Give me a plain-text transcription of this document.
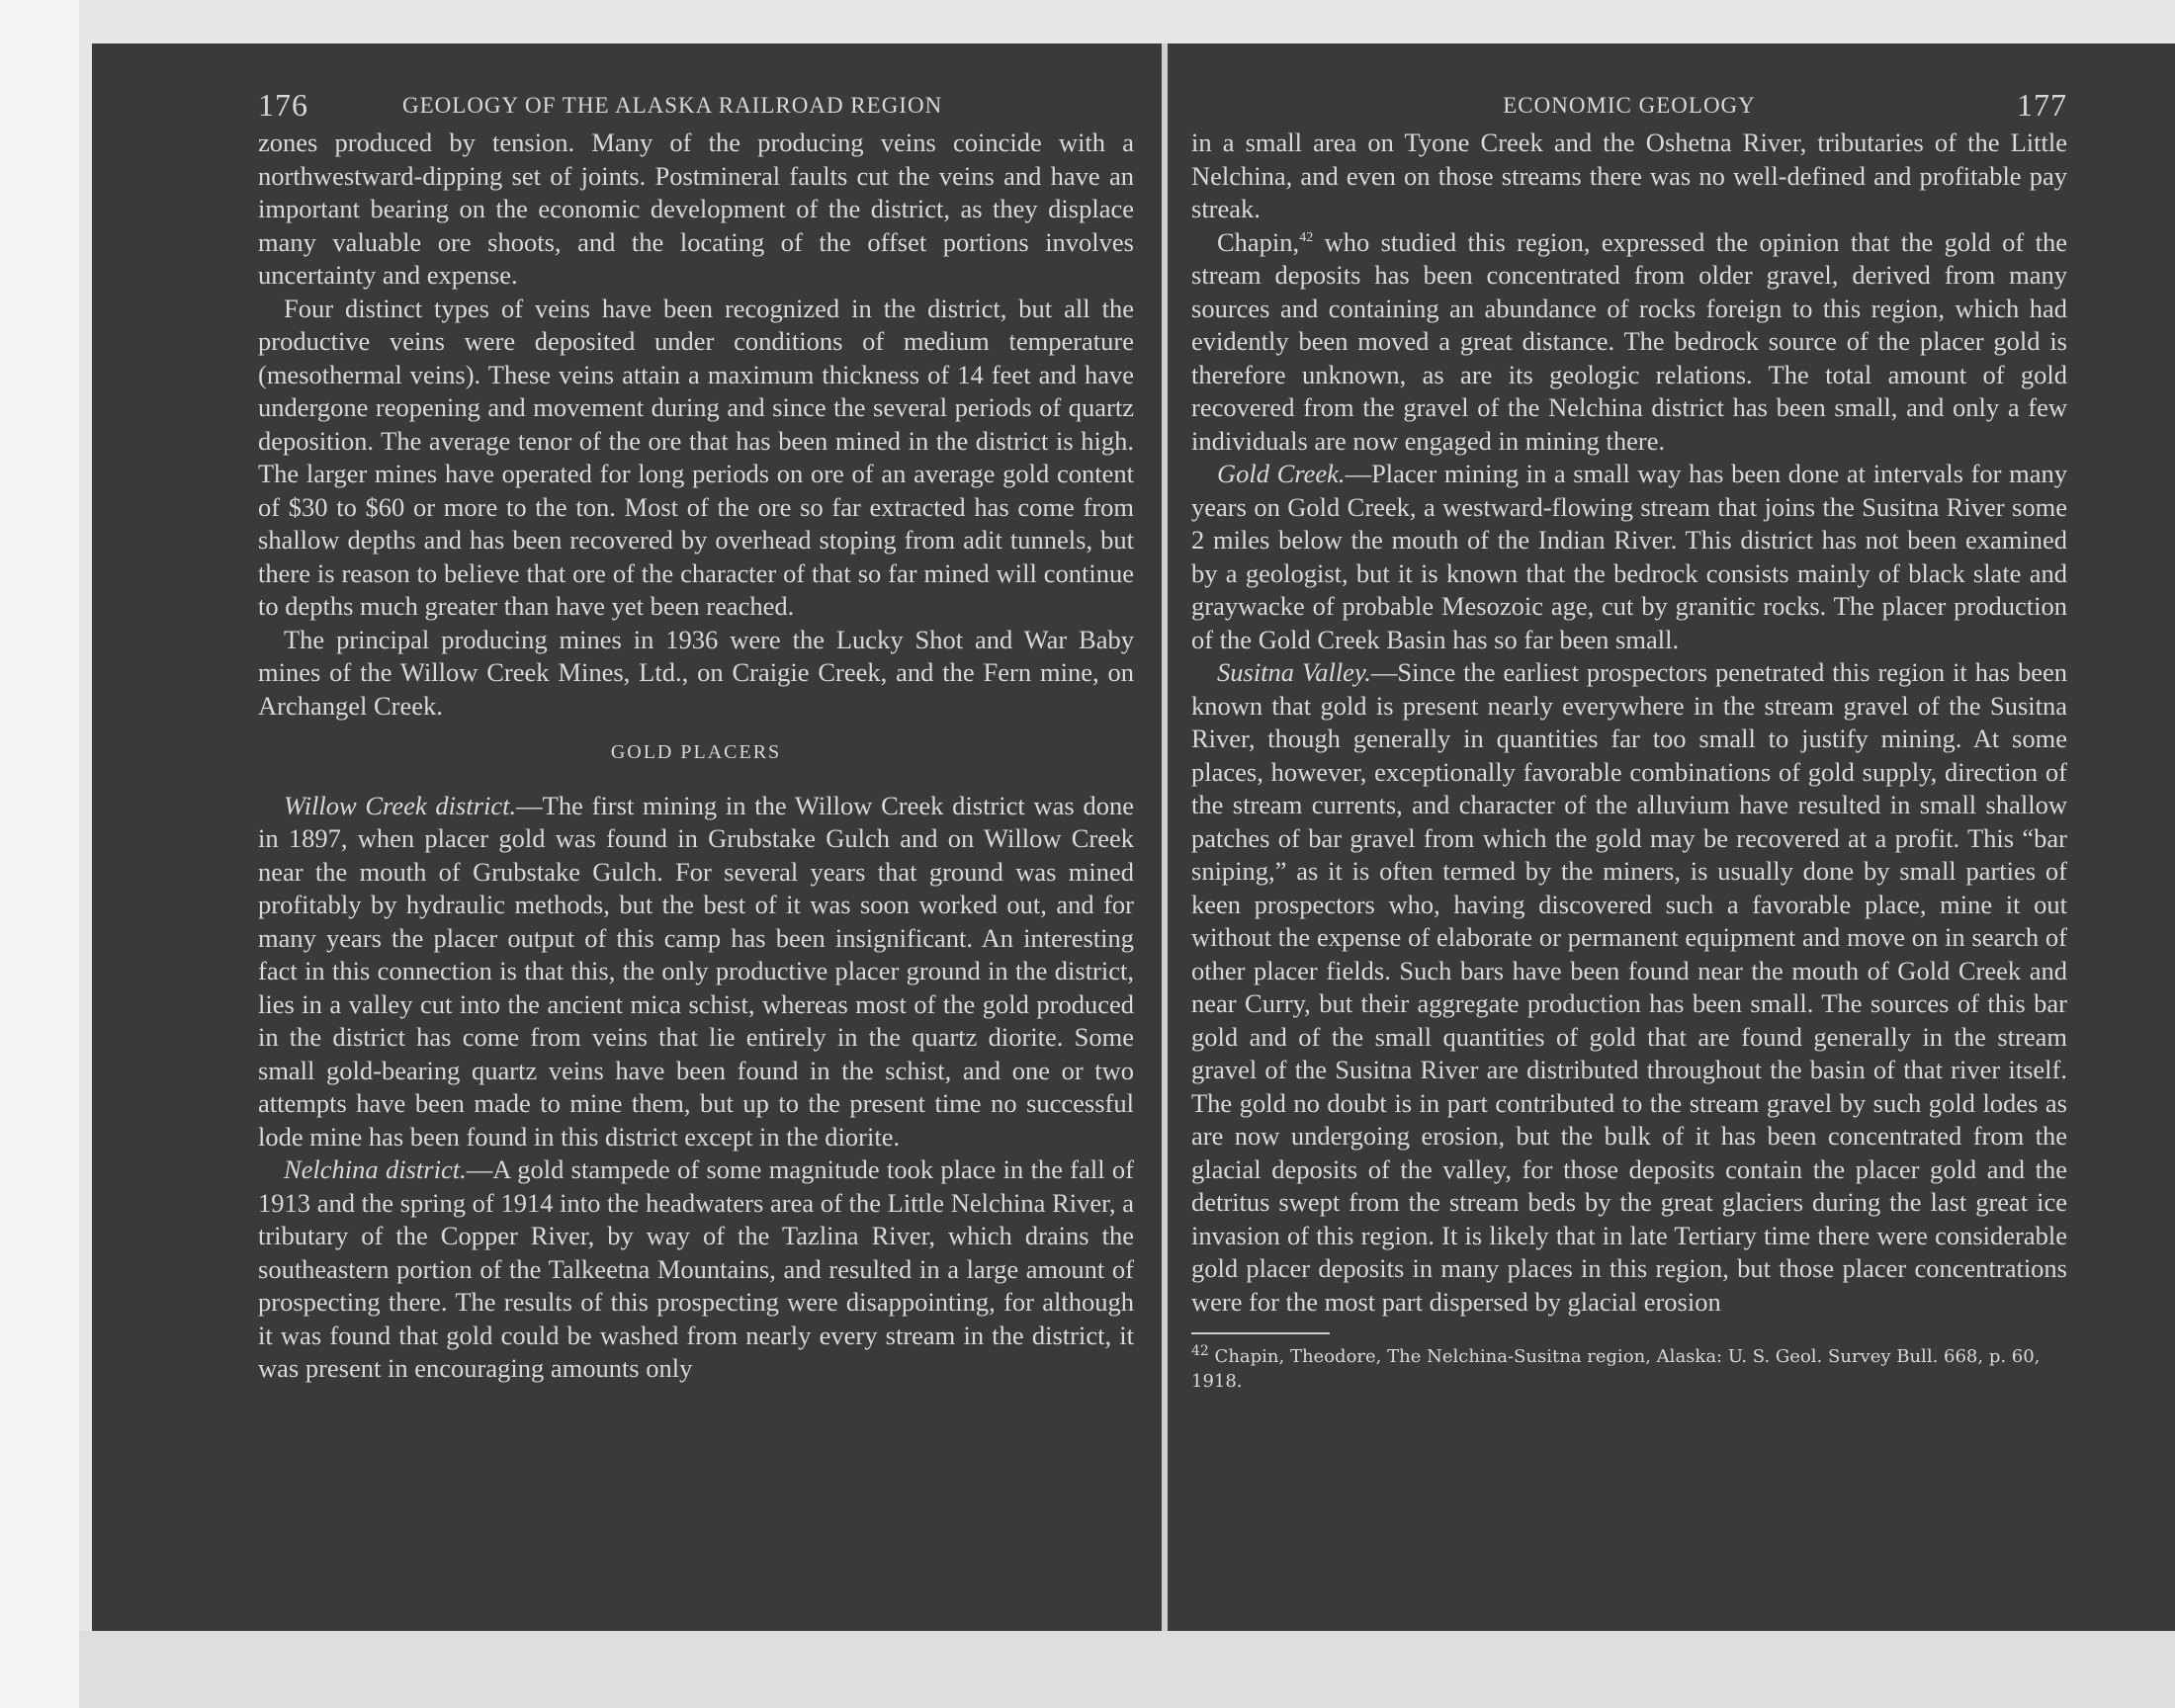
176	GEOLOGY OF THE ALASKA RAILROAD REGION

zones produced by tension. Many of the producing veins coincide with a northwestward-dipping set of joints. Postmineral faults cut the veins and have an important bearing on the economic development of the district, as they displace many valuable ore shoots, and the locating of the offset portions involves uncertainty and expense.

Four distinct types of veins have been recognized in the district, but all the productive veins were deposited under conditions of medium temperature (mesothermal veins). These veins attain a maximum thickness of 14 feet and have undergone reopening and movement during and since the several periods of quartz deposition. The average tenor of the ore that has been mined in the district is high. The larger mines have operated for long periods on ore of an average gold content of $30 to $60 or more to the ton. Most of the ore so far extracted has come from shallow depths and has been recovered by overhead stoping from adit tunnels, but there is reason to believe that ore of the character of that so far mined will continue to depths much greater than have yet been reached.

The principal producing mines in 1936 were the Lucky Shot and War Baby mines of the Willow Creek Mines, Ltd., on Craigie Creek, and the Fern mine, on Archangel Creek.

GOLD PLACERS

Willow Creek district.—The first mining in the Willow Creek district was done in 1897, when placer gold was found in Grubstake Gulch and on Willow Creek near the mouth of Grubstake Gulch. For several years that ground was mined profitably by hydraulic methods, but the best of it was soon worked out, and for many years the placer output of this camp has been insignificant. An interesting fact in this connection is that this, the only productive placer ground in the district, lies in a valley cut into the ancient mica schist, whereas most of the gold produced in the district has come from veins that lie entirely in the quartz diorite. Some small gold-bearing quartz veins have been found in the schist, and one or two attempts have been made to mine them, but up to the present time no successful lode mine has been found in this district except in the diorite.

Nelchina district.—A gold stampede of some magnitude took place in the fall of 1913 and the spring of 1914 into the headwaters area of the Little Nelchina River, a tributary of the Copper River, by way of the Tazlina River, which drains the southeastern portion of the Talkeetna Mountains, and resulted in a large amount of prospecting there. The results of this prospecting were disappointing, for although it was found that gold could be washed from nearly every stream in the district, it was present in encouraging amounts only

ECONOMIC GEOLOGY	177

in a small area on Tyone Creek and the Oshetna River, tributaries of the Little Nelchina, and even on those streams there was no well-defined and profitable pay streak.

Chapin,$^{42}$ who studied this region, expressed the opinion that the gold of the stream deposits has been concentrated from older gravel, derived from many sources and containing an abundance of rocks foreign to this region, which had evidently been moved a great distance. The bedrock source of the placer gold is therefore unknown, as are its geologic relations. The total amount of gold recovered from the gravel of the Nelchina district has been small, and only a few individuals are now engaged in mining there.

Gold Creek.—Placer mining in a small way has been done at intervals for many years on Gold Creek, a westward-flowing stream that joins the Susitna River some 2 miles below the mouth of the Indian River. This district has not been examined by a geologist, but it is known that the bedrock consists mainly of black slate and graywacke of probable Mesozoic age, cut by granitic rocks. The placer production of the Gold Creek Basin has so far been small.

Susitna Valley.—Since the earliest prospectors penetrated this region it has been known that gold is present nearly everywhere in the stream gravel of the Susitna River, though generally in quantities far too small to justify mining. At some places, however, exceptionally favorable combinations of gold supply, direction of the stream currents, and character of the alluvium have resulted in small shallow patches of bar gravel from which the gold may be recovered at a profit. This “bar sniping,” as it is often termed by the miners, is usually done by small parties of keen prospectors who, having discovered such a favorable place, mine it out without the expense of elaborate or permanent equipment and move on in search of other placer fields. Such bars have been found near the mouth of Gold Creek and near Curry, but their aggregate production has been small. The sources of this bar gold and of the small quantities of gold that are found generally in the stream gravel of the Susitna River are distributed throughout the basin of that river itself. The gold no doubt is in part contributed to the stream gravel by such gold lodes as are now undergoing erosion, but the bulk of it has been concentrated from the glacial deposits of the valley, for those deposits contain the placer gold and the detritus swept from the stream beds by the great glaciers during the last great ice invasion of this region. It is likely that in late Tertiary time there were considerable gold placer deposits in many places in this region, but those placer concentrations were for the most part dispersed by glacial erosion

$^{42}$ Chapin, Theodore, The Nelchina-Susitna region, Alaska: U. S. Geol. Survey Bull. 668, p. 60, 1918.
